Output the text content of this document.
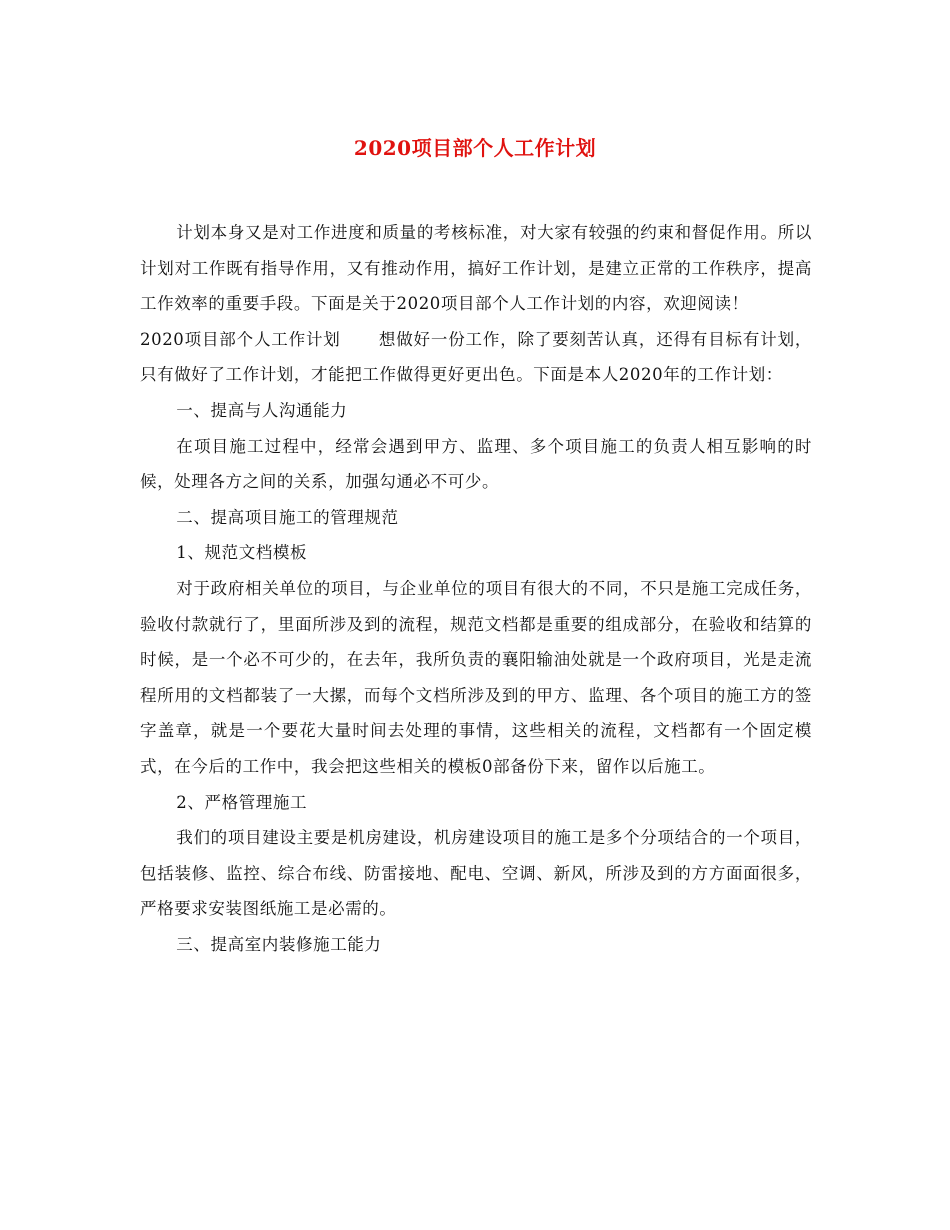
2020项目部个人工作计划

计划本身又是对工作进度和质量的考核标准，对大家有较强的约束和督促作用。所以计划对工作既有指导作用，又有推动作用，搞好工作计划，是建立正常的工作秩序，提高工作效率的重要手段。下面是关于2020项目部个人工作计划的内容，欢迎阅读！

2020项目部个人工作计划 想做好一份工作，除了要刻苦认真，还得有目标有计划，只有做好了工作计划，才能把工作做得更好更出色。下面是本人2020年的工作计划：

一、提高与人沟通能力

在项目施工过程中，经常会遇到甲方、监理、多个项目施工的负责人相互影响的时候，处理各方之间的关系，加强勾通必不可少。

二、提高项目施工的管理规范

1、规范文档模板

对于政府相关单位的项目，与企业单位的项目有很大的不同，不只是施工完成任务，验收付款就行了，里面所涉及到的流程，规范文档都是重要的组成部分，在验收和结算的时候，是一个必不可少的，在去年，我所负责的襄阳输油处就是一个政府项目，光是走流程所用的文档都装了一大摞，而每个文档所涉及到的甲方、监理、各个项目的施工方的签字盖章，就是一个要花大量时间去处理的事情，这些相关的流程，文档都有一个固定模式，在今后的工作中，我会把这些相关的模板0部备份下来，留作以后施工。

2、严格管理施工

我们的项目建设主要是机房建设，机房建设项目的施工是多个分项结合的一个项目，包括装修、监控、综合布线、防雷接地、配电、空调、新风，所涉及到的方方面面很多，严格要求安装图纸施工是必需的。

三、提高室内装修施工能力
